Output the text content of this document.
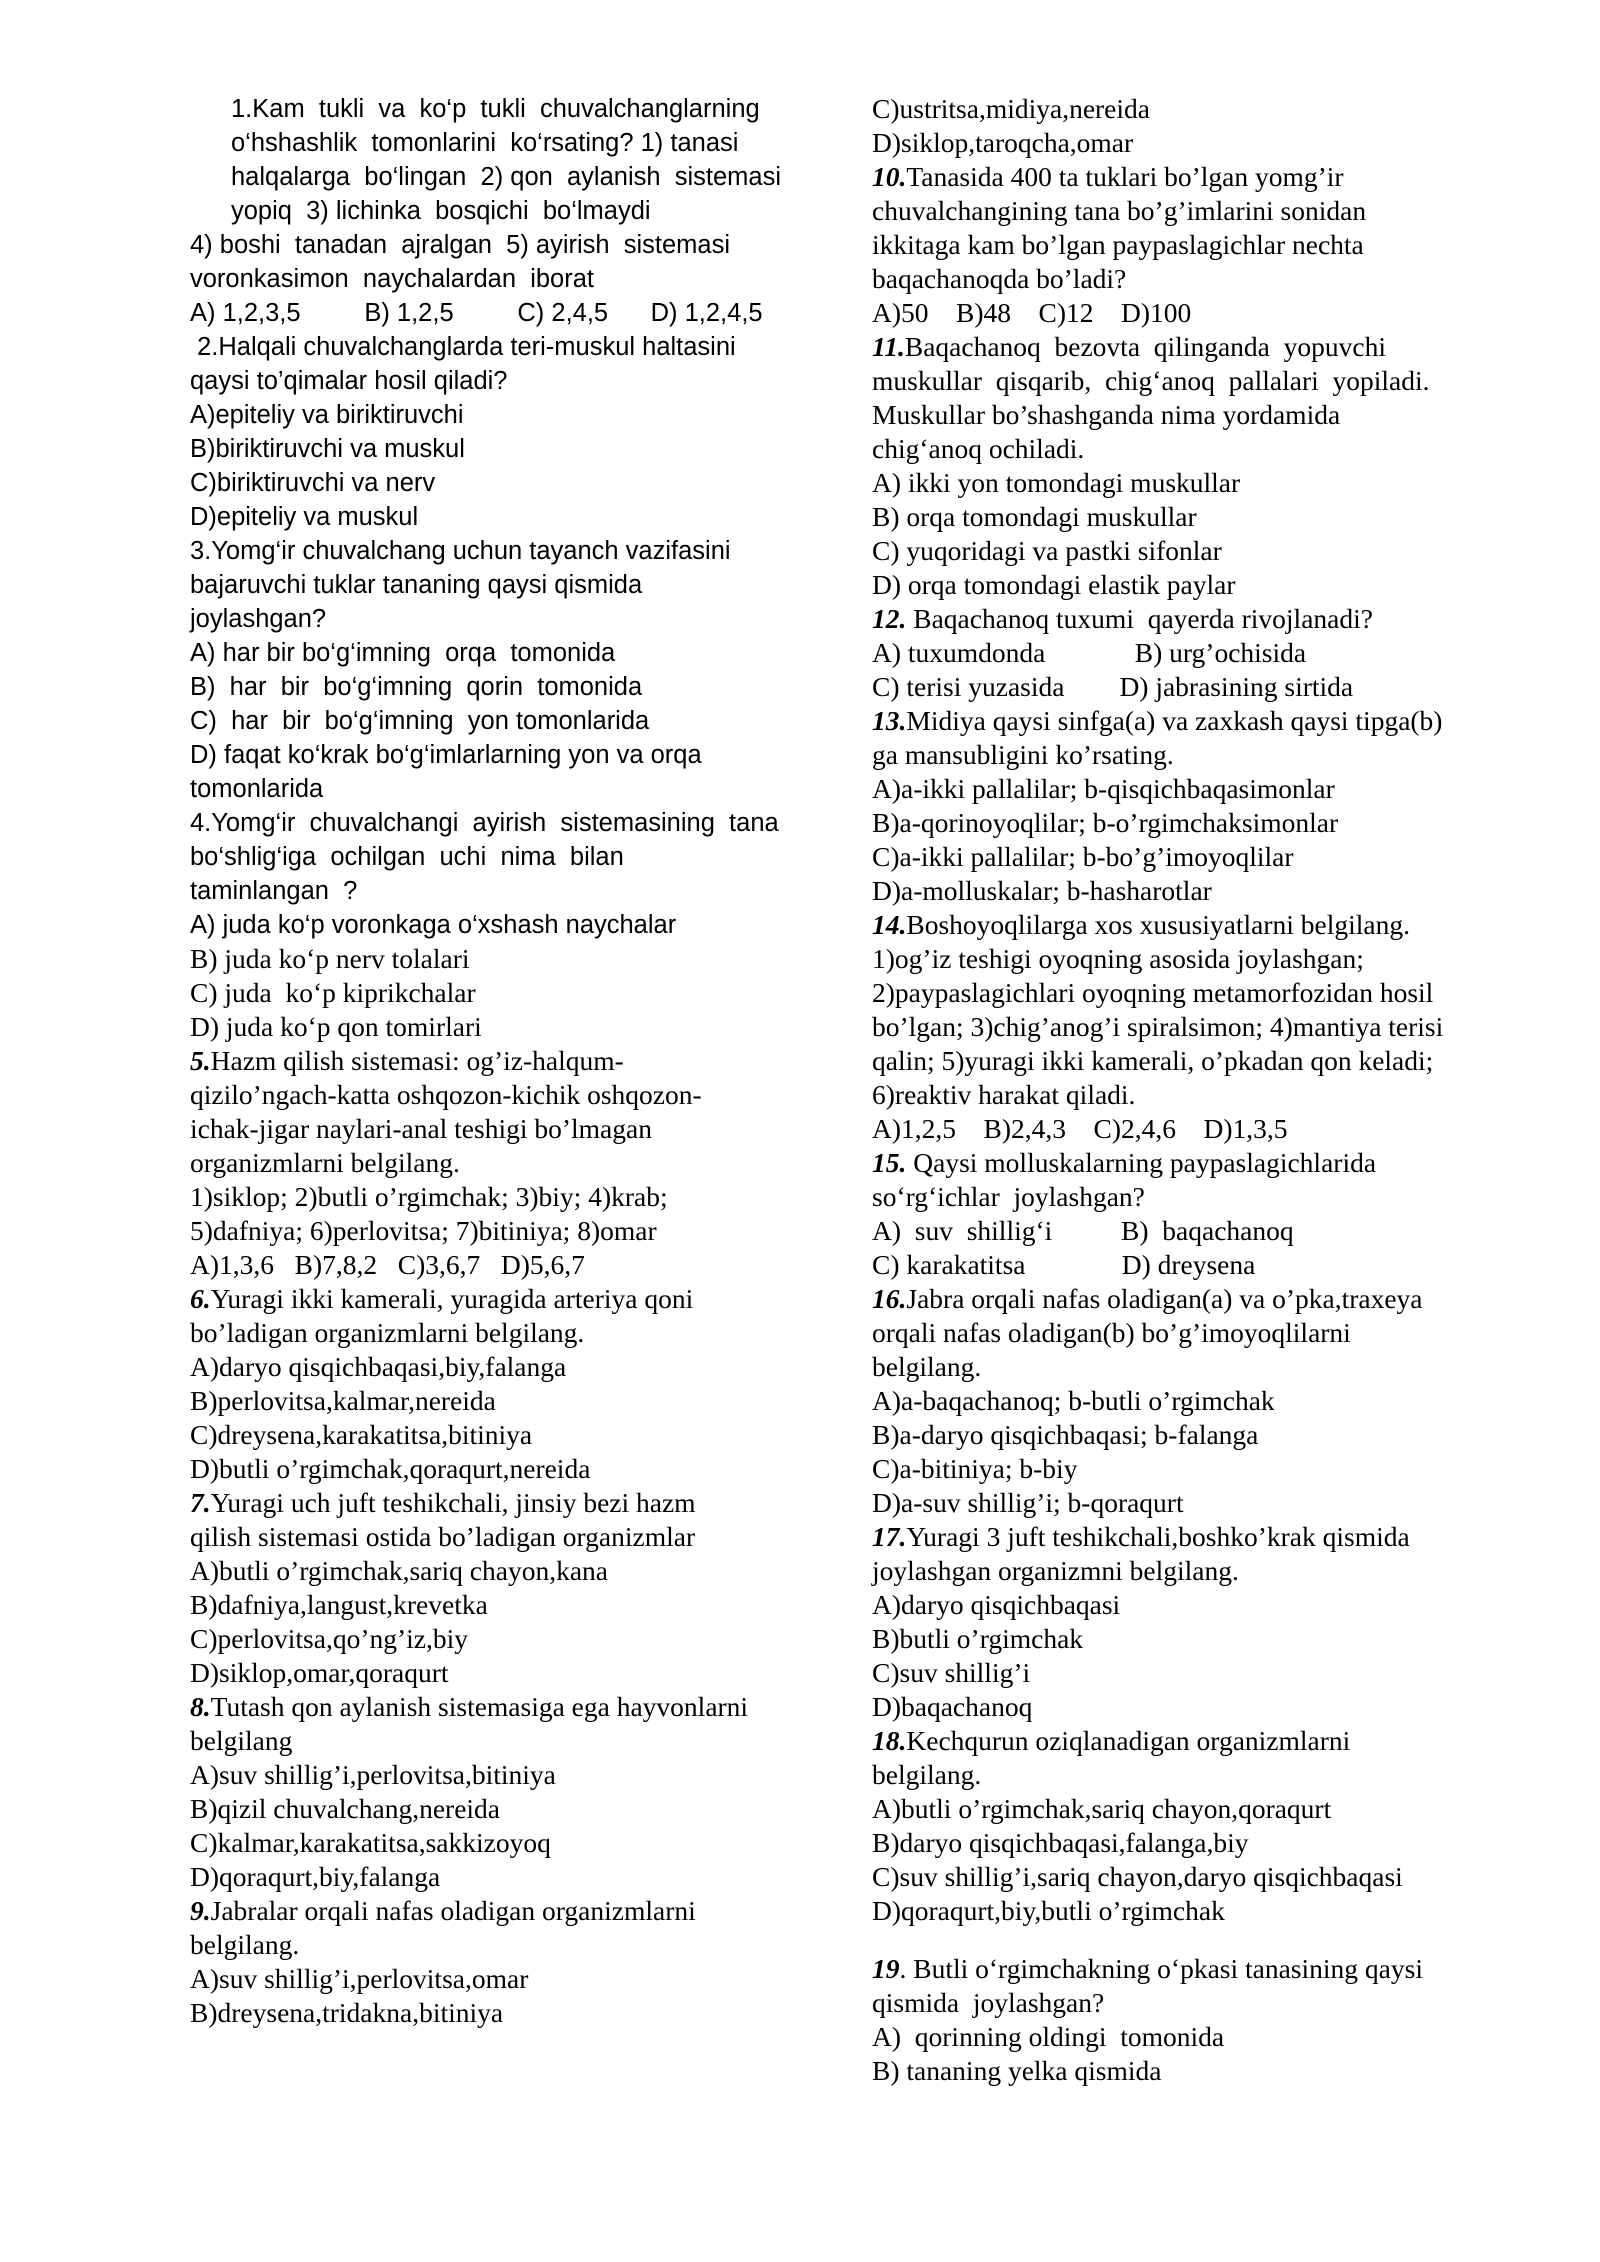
1.Kam  tukli  va  ko‘p  tukli  chuvalchanglarning
o‘hshashlik  tomonlarini  ko‘rsating? 1) tanasi
halqalarga  bo‘lingan  2) qon  aylanish  sistemasi
yopiq  3) lichinka  bosqichi  bo‘lmaydi
4) boshi  tanadan  ajralgan  5) ayirish  sistemasi
voronkasimon  naychalardan  iborat
A) 1,2,3,5         B) 1,2,5         C) 2,4,5      D) 1,2,4,5
2.Halqali chuvalchanglarda teri-muskul haltasini
qaysi to’qimalar hosil qiladi?
A)epiteliy va biriktiruvchi
B)biriktiruvchi va muskul
C)biriktiruvchi va nerv
D)epiteliy va muskul
3.Yomg‘ir chuvalchang uchun tayanch vazifasini
bajaruvchi tuklar tananing qaysi qismida
joylashgan?
A) har bir bo‘g‘imning  orqa  tomonida
B)  har  bir  bo‘g‘imning  qorin  tomonida
C)  har  bir  bo‘g‘imning  yon tomonlarida
D) faqat ko‘krak bo‘g‘imlarlarning yon va orqa
tomonlarida
4.Yomg‘ir  chuvalchangi  ayirish  sistemasining  tana
bo‘shlig‘iga  ochilgan  uchi  nima  bilan
taminlangan  ?
A) juda ko‘p voronkaga o‘xshash naychalar
B) juda ko‘p nerv tolalari
C) juda  ko‘p kiprikchalar
D) juda ko‘p qon tomirlari
5.Hazm qilish sistemasi: og’iz-halqum-
qizilo’ngach-katta oshqozon-kichik oshqozon-
ichak-jigar naylari-anal teshigi bo’lmagan
organizmlarni belgilang.
1)siklop; 2)butli o’rgimchak; 3)biy; 4)krab;
5)dafniya; 6)perlovitsa; 7)bitiniya; 8)omar
A)1,3,6   B)7,8,2   C)3,6,7   D)5,6,7
6.Yuragi ikki kamerali, yuragida arteriya qoni
bo’ladigan organizmlarni belgilang.
A)daryo qisqichbaqasi,biy,falanga
B)perlovitsa,kalmar,nereida
C)dreysena,karakatitsa,bitiniya
D)butli o’rgimchak,qoraqurt,nereida
7.Yuragi uch juft teshikchali, jinsiy bezi hazm
qilish sistemasi ostida bo’ladigan organizmlar
A)butli o’rgimchak,sariq chayon,kana
B)dafniya,langust,krevetka
C)perlovitsa,qo’ng’iz,biy
D)siklop,omar,qoraqurt
8.Tutash qon aylanish sistemasiga ega hayvonlarni
belgilang
A)suv shillig’i,perlovitsa,bitiniya
B)qizil chuvalchang,nereida
C)kalmar,karakatitsa,sakkizoyoq
D)qoraqurt,biy,falanga
9.Jabralar orqali nafas oladigan organizmlarni
belgilang.
A)suv shillig’i,perlovitsa,omar
B)dreysena,tridakna,bitiniya
C)ustritsa,midiya,nereida
D)siklop,taroqcha,omar
10.Tanasida 400 ta tuklari bo’lgan yomg’ir
chuvalchangining tana bo’g’imlarini sonidan
ikkitaga kam bo’lgan paypaslagichlar nechta
baqachanoqda bo’ladi?
A)50    B)48    C)12    D)100
11.Baqachanoq  bezovta  qilinganda  yopuvchi
muskullar  qisqarib,  chig‘anoq  pallalari  yopiladi.
Muskullar bo’shashganda nima yordamida
chig‘anoq ochiladi.
A) ikki yon tomondagi muskullar
B) orqa tomondagi muskullar
C) yuqoridagi va pastki sifonlar
D) orqa tomondagi elastik paylar
12. Baqachanoq tuxumi  qayerda rivojlanadi?
A) tuxumdonda             B) urg’ochisida
C) terisi yuzasida        D) jabrasining sirtida
13.Midiya qaysi sinfga(a) va zaxkash qaysi tipga(b)
ga mansubligini ko’rsating.
A)a-ikki pallalilar; b-qisqichbaqasimonlar
B)a-qorinoyoqlilar; b-o’rgimchaksimonlar
C)a-ikki pallalilar; b-bo’g’imoyoqlilar
D)a-molluskalar; b-hasharotlar
14.Boshoyoqlilarga xos xususiyatlarni belgilang.
1)og’iz teshigi oyoqning asosida joylashgan;
2)paypaslagichlari oyoqning metamorfozidan hosil
bo’lgan; 3)chig’anog’i spiralsimon; 4)mantiya terisi
qalin; 5)yuragi ikki kamerali, o’pkadan qon keladi;
6)reaktiv harakat qiladi.
A)1,2,5    B)2,4,3    C)2,4,6    D)1,3,5
15. Qaysi molluskalarning paypaslagichlarida
so‘rg‘ichlar  joylashgan?
A)  suv  shillig‘i          B)  baqachanoq
C) karakatitsa              D) dreysena
16.Jabra orqali nafas oladigan(a) va o’pka,traxeya
orqali nafas oladigan(b) bo’g’imoyoqlilarni
belgilang.
A)a-baqachanoq; b-butli o’rgimchak
B)a-daryo qisqichbaqasi; b-falanga
C)a-bitiniya; b-biy
D)a-suv shillig’i; b-qoraqurt
17.Yuragi 3 juft teshikchali,boshko’krak qismida
joylashgan organizmni belgilang.
A)daryo qisqichbaqasi
B)butli o’rgimchak
C)suv shillig’i
D)baqachanoq
18.Kechqurun oziqlanadigan organizmlarni
belgilang.
A)butli o’rgimchak,sariq chayon,qoraqurt
B)daryo qisqichbaqasi,falanga,biy
C)suv shillig’i,sariq chayon,daryo qisqichbaqasi
D)qoraqurt,biy,butli o’rgimchak
19. Butli o‘rgimchakning o‘pkasi tanasining qaysi
qismida  joylashgan?
A)  qorinning oldingi  tomonida
B) tananing yelka qismida
